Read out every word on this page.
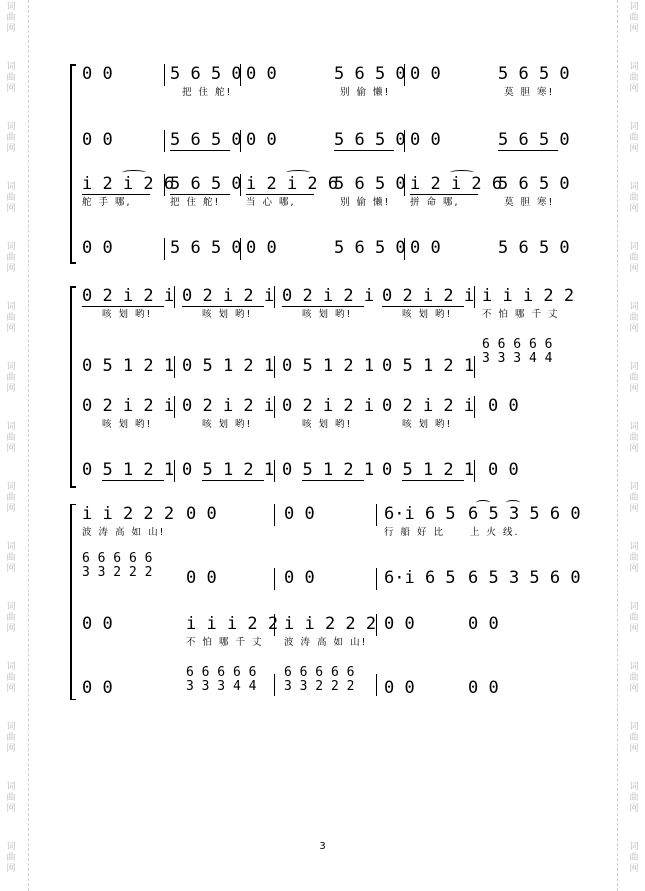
词
曲
网
词
曲
网
词
曲
网
词
曲
网
词
曲
网
词
曲
网
词
曲
网
词
曲
网
词
曲
网
词
曲
网
词
曲
网
词
曲
网
词
曲
网
词
曲
网
词
曲
网
词
曲
网
词
曲
网
词
曲
网
词
曲
网
词
曲
网
词
曲
网
词
曲
网
词
曲
网
词
曲
网
词
曲
网
词
曲
网
词
曲
网
词
曲
网
词
曲
网
词
曲
网

0 0

	5 6 5 0

0 0

	5 6 5 0

0 0

	5 6 5 0

把 住 舵!

	别 偷 懒!

	莫 胆 寒!

0 0

	5 6 5 0

0 0

	5 6 5 0

0 0

	5 6 5 0

i 2 i 2 6

5 6 5 0

i 2 i 2 6

5 6 5 0

i 2 i 2 6

5 6 5 0

舵 手 哪,

	把 住 舵!

	当 心 哪,

	别 偷 懒!

拼 命 哪,

	莫 胆 寒!

0 0

	5 6 5 0

0 0

	5 6 5 0

0 0

	5 6 5 0

0 2 i 2 i

0 2 i 2 i

0 2 i 2 i

0 2 i 2 i

i i i 2 2

咳 划 哟!

	咳 划 哟!

	咳 划 哟!

	咳 划 哟!

	不 怕 哪 千 丈

6 6 6 6 6

0 5 1 2 1

0 5 1 2 1

0 5 1 2 1

0 5 1 2 1

3 3 3 4 4

0 2 i 2 i

0 2 i 2 i

0 2 i 2 i

0 2 i 2 i

0 0

咳 划 哟!

	咳 划 哟!

	咳 划 哟!

	咳 划 哟!

0 5 1 2 1

0 5 1 2 1

0 5 1 2 1

0 5 1 2 1

0 0

i i 2 2 2

0 0

	0 0

	6·i 6 5

6 5 3 5 6 0

波 涛 高 如 山!

	行 船 好 比

	上 火 线.

6 6 6 6 6
3 3 2 2 2

0 0

	0 0

	6·i 6 5

6 5 3 5 6 0

0 0

	i i i 2 2

i i 2 2 2

0 0

	0 0

不 怕 哪 千 丈

波 涛 高 如 山!

0 0

	0 0

	0 0

6 6 6 6 6 6 6 6 6 6
3 3 3 4 4 3 3 2 2 2
3
